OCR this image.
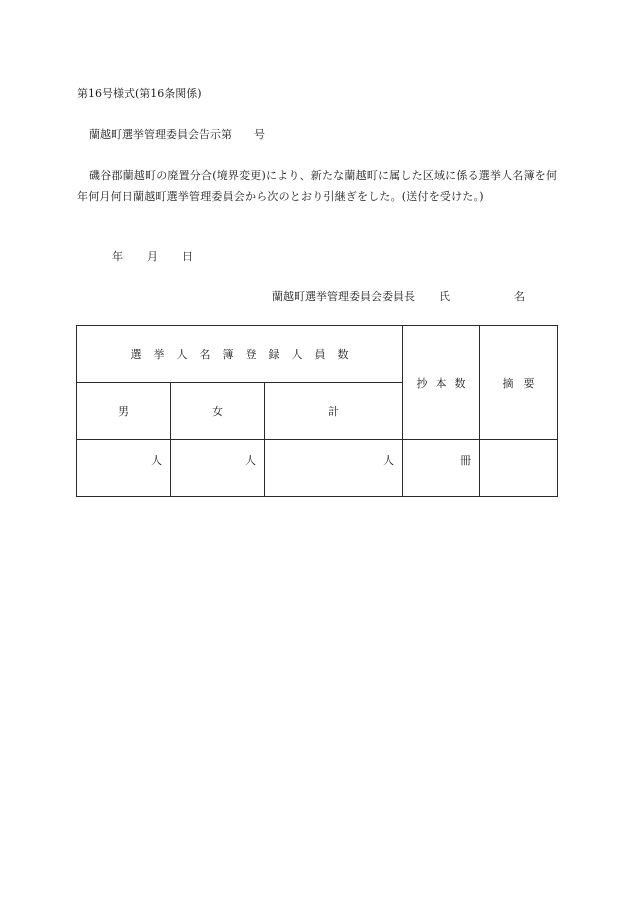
第16号様式(第16条関係)
蘭越町選挙管理委員会告示第 号
磯谷郡蘭越町の廃置分合(境界変更)により、新たな蘭越町に属した区域に係る選挙人名簿を何年何月何日蘭越町選挙管理委員会から次のとおり引継ぎをした。(送付を受けた。)
年 月 日
蘭越町選挙管理委員会委員長 氏	名
選挙人名簿登録人員数			抄本数	摘要
男	女	計		
人	人	人	冊	
